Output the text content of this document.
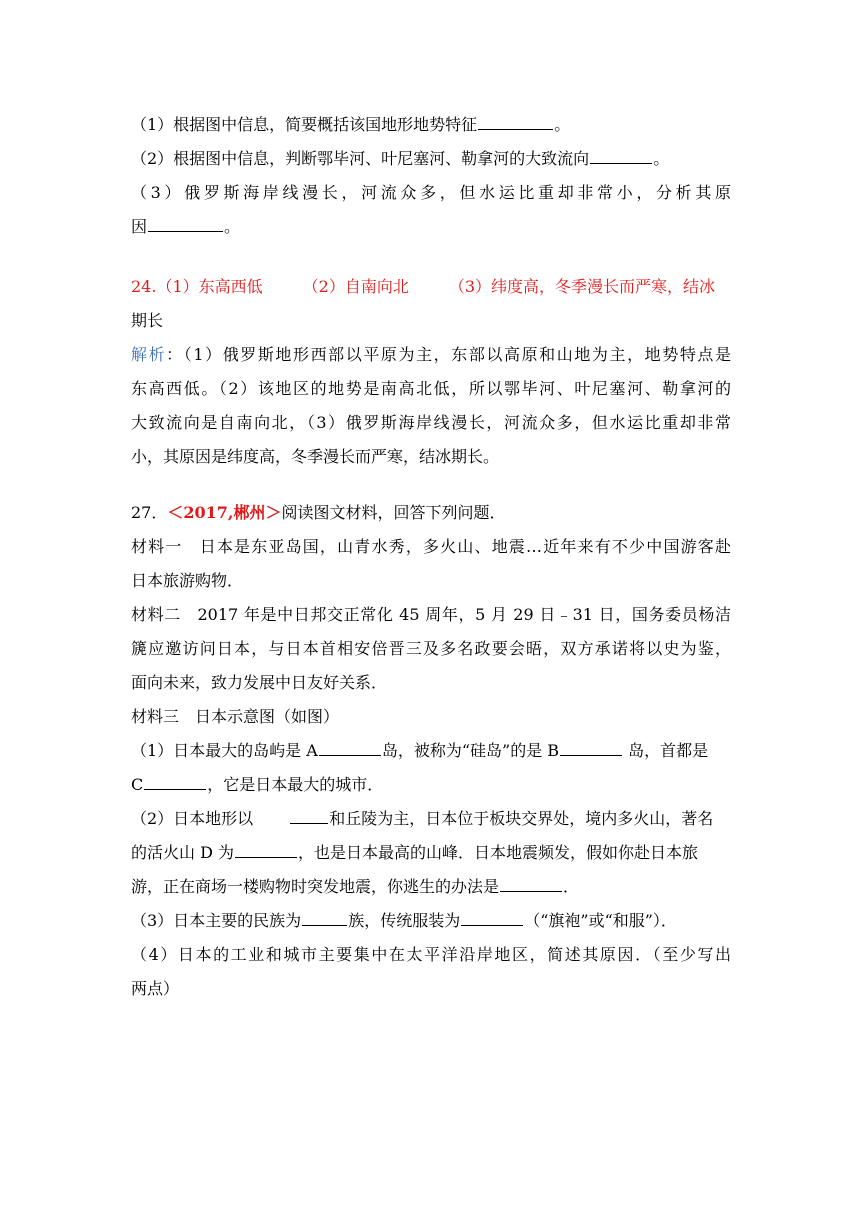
（1）根据图中信息，简要概括该国地形地势特征	。
（2）根据图中信息，判断鄂毕河、叶尼塞河、勒拿河的大致流向	。
（3）俄罗斯海岸线漫长，河流众多，但水运比重却非常小，分析其原
因	。
24.（1）东高西低	（2）自南向北	（3）纬度高，冬季漫长而严寒，结冰
期长
解析：（1）俄罗斯地形西部以平原为主，东部以高原和山地为主，地势特点是
东高西低。（2）该地区的地势是南高北低，所以鄂毕河、叶尼塞河、勒拿河的
大致流向是自南向北，（3）俄罗斯海岸线漫长，河流众多，但水运比重却非常
小，其原因是纬度高，冬季漫长而严寒，结冰期长。
27．＜2017,郴州＞阅读图文材料，回答下列问题．
材料一　日本是东亚岛国，山青水秀，多火山、地震…近年来有不少中国游客赴
日本旅游购物．
材料二　2017 年是中日邦交正常化 45 周年，5 月 29 日﹣31 日，国务委员杨洁
篪应邀访问日本，与日本首相安倍晋三及多名政要会晤，双方承诺将以史为鉴，
面向未来，致力发展中日友好关系．
材料三　日本示意图（如图）
（1）日本最大的岛屿是 A	岛，被称为“硅岛”的是 B	岛，首都是
C	，它是日本最大的城市．
（2）日本地形以	和丘陵为主，日本位于板块交界处，境内多火山，著名
的活火山 D 为	，也是日本最高的山峰．日本地震频发，假如你赴日本旅
游，正在商场一楼购物时突发地震，你逃生的办法是	．
（3）日本主要的民族为	族，传统服装为	（“旗袍”或“和服”）．
（4）日本的工业和城市主要集中在太平洋沿岸地区，简述其原因．（至少写出
两点）
